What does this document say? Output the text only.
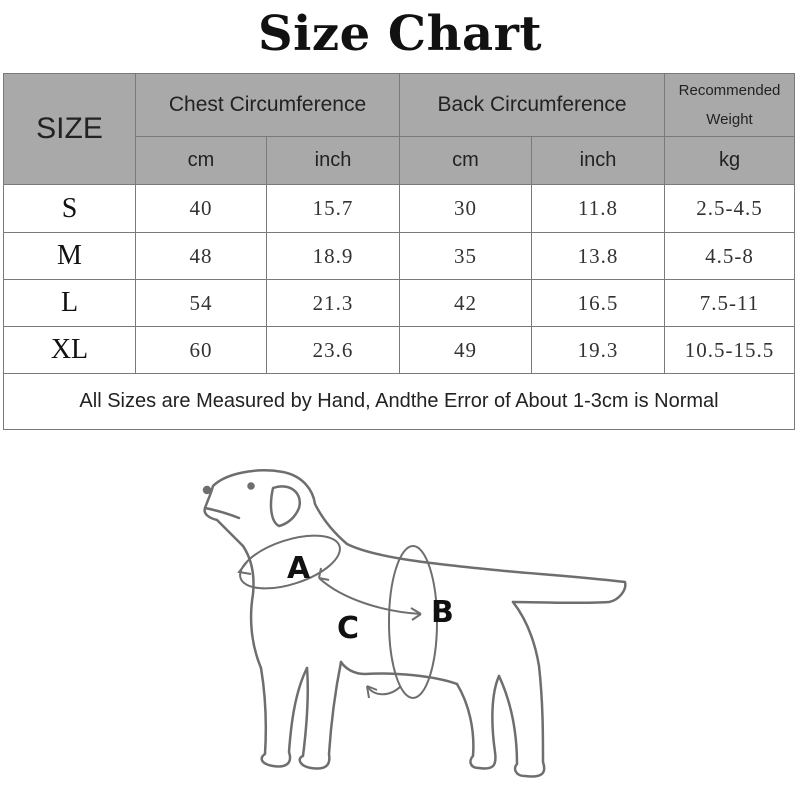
Size Chart
SIZE	Chest Circumference		Back Circumference		Recommended
Weight
	cm	inch	cm	inch	kg
S	40	15.7	30	11.8	2.5-4.5
M	48	18.9	35	13.8	4.5-8
L	54	21.3	42	16.5	7.5-11
XL	60	23.6	49	19.3	10.5-15.5
All Sizes are Measured by Hand, Andthe Error of About 1-3cm is Normal					
A
B
C
